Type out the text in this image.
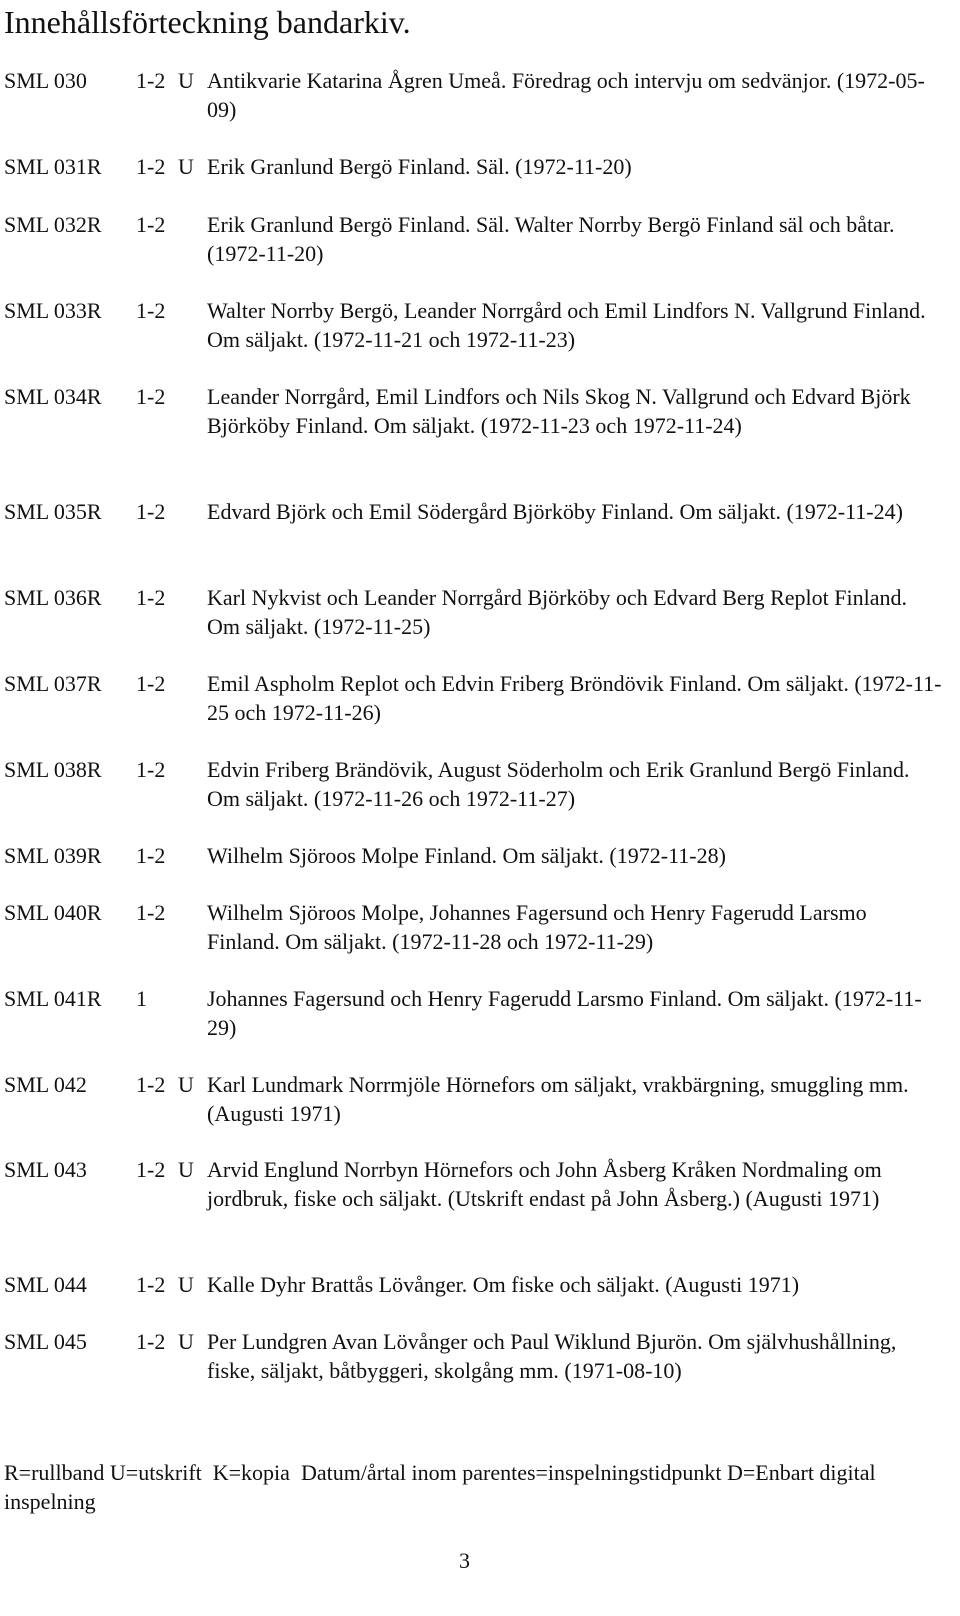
Innehållsförteckning bandarkiv.
SML 030 1-2 U Antikvarie Katarina Ågren Umeå. Föredrag och intervju om sedvänjor. (1972-05-09)
SML 031R 1-2 U Erik Granlund Bergö Finland. Säl. (1972-11-20)
SML 032R 1-2 Erik Granlund Bergö Finland. Säl. Walter Norrby Bergö Finland säl och båtar. (1972-11-20)
SML 033R 1-2 Walter Norrby Bergö, Leander Norrgård och Emil Lindfors N. Vallgrund Finland. Om säljakt. (1972-11-21 och 1972-11-23)
SML 034R 1-2 Leander Norrgård, Emil Lindfors och Nils Skog N. Vallgrund och Edvard Björk Björköby Finland. Om säljakt. (1972-11-23 och 1972-11-24)
SML 035R 1-2 Edvard Björk och Emil Södergård Björköby Finland. Om säljakt. (1972-11-24)
SML 036R 1-2 Karl Nykvist och Leander Norrgård Björköby och Edvard Berg Replot Finland. Om säljakt. (1972-11-25)
SML 037R 1-2 Emil Aspholm Replot och Edvin Friberg Bröndövik Finland. Om säljakt. (1972-11-25 och 1972-11-26)
SML 038R 1-2 Edvin Friberg Brändövik, August Söderholm och Erik Granlund Bergö Finland. Om säljakt. (1972-11-26 och 1972-11-27)
SML 039R 1-2 Wilhelm Sjöroos Molpe Finland. Om säljakt. (1972-11-28)
SML 040R 1-2 Wilhelm Sjöroos Molpe, Johannes Fagersund och Henry Fagerudd Larsmo Finland. Om säljakt. (1972-11-28 och 1972-11-29)
SML 041R 1	Johannes Fagersund och Henry Fagerudd Larsmo Finland. Om säljakt. (1972-11-29)
SML 042 1-2 U Karl Lundmark Norrmjöle Hörnefors om säljakt, vrakbärgning, smuggling mm. (Augusti 1971)
SML 043 1-2 U Arvid Englund Norrbyn Hörnefors och John Åsberg Kråken Nordmaling om jordbruk, fiske och säljakt. (Utskrift endast på John Åsberg.) (Augusti 1971)
SML 044 1-2 U Kalle Dyhr Brattås Lövånger. Om fiske och säljakt. (Augusti 1971)
SML 045 1-2 U Per Lundgren Avan Lövånger och Paul Wiklund Bjurön. Om självhushållning, fiske, säljakt, båtbyggeri, skolgång mm. (1971-08-10)
R=rullband U=utskrift K=kopia Datum/årtal inom parentes=inspelningstidpunkt D=Enbart digital inspelning
3
